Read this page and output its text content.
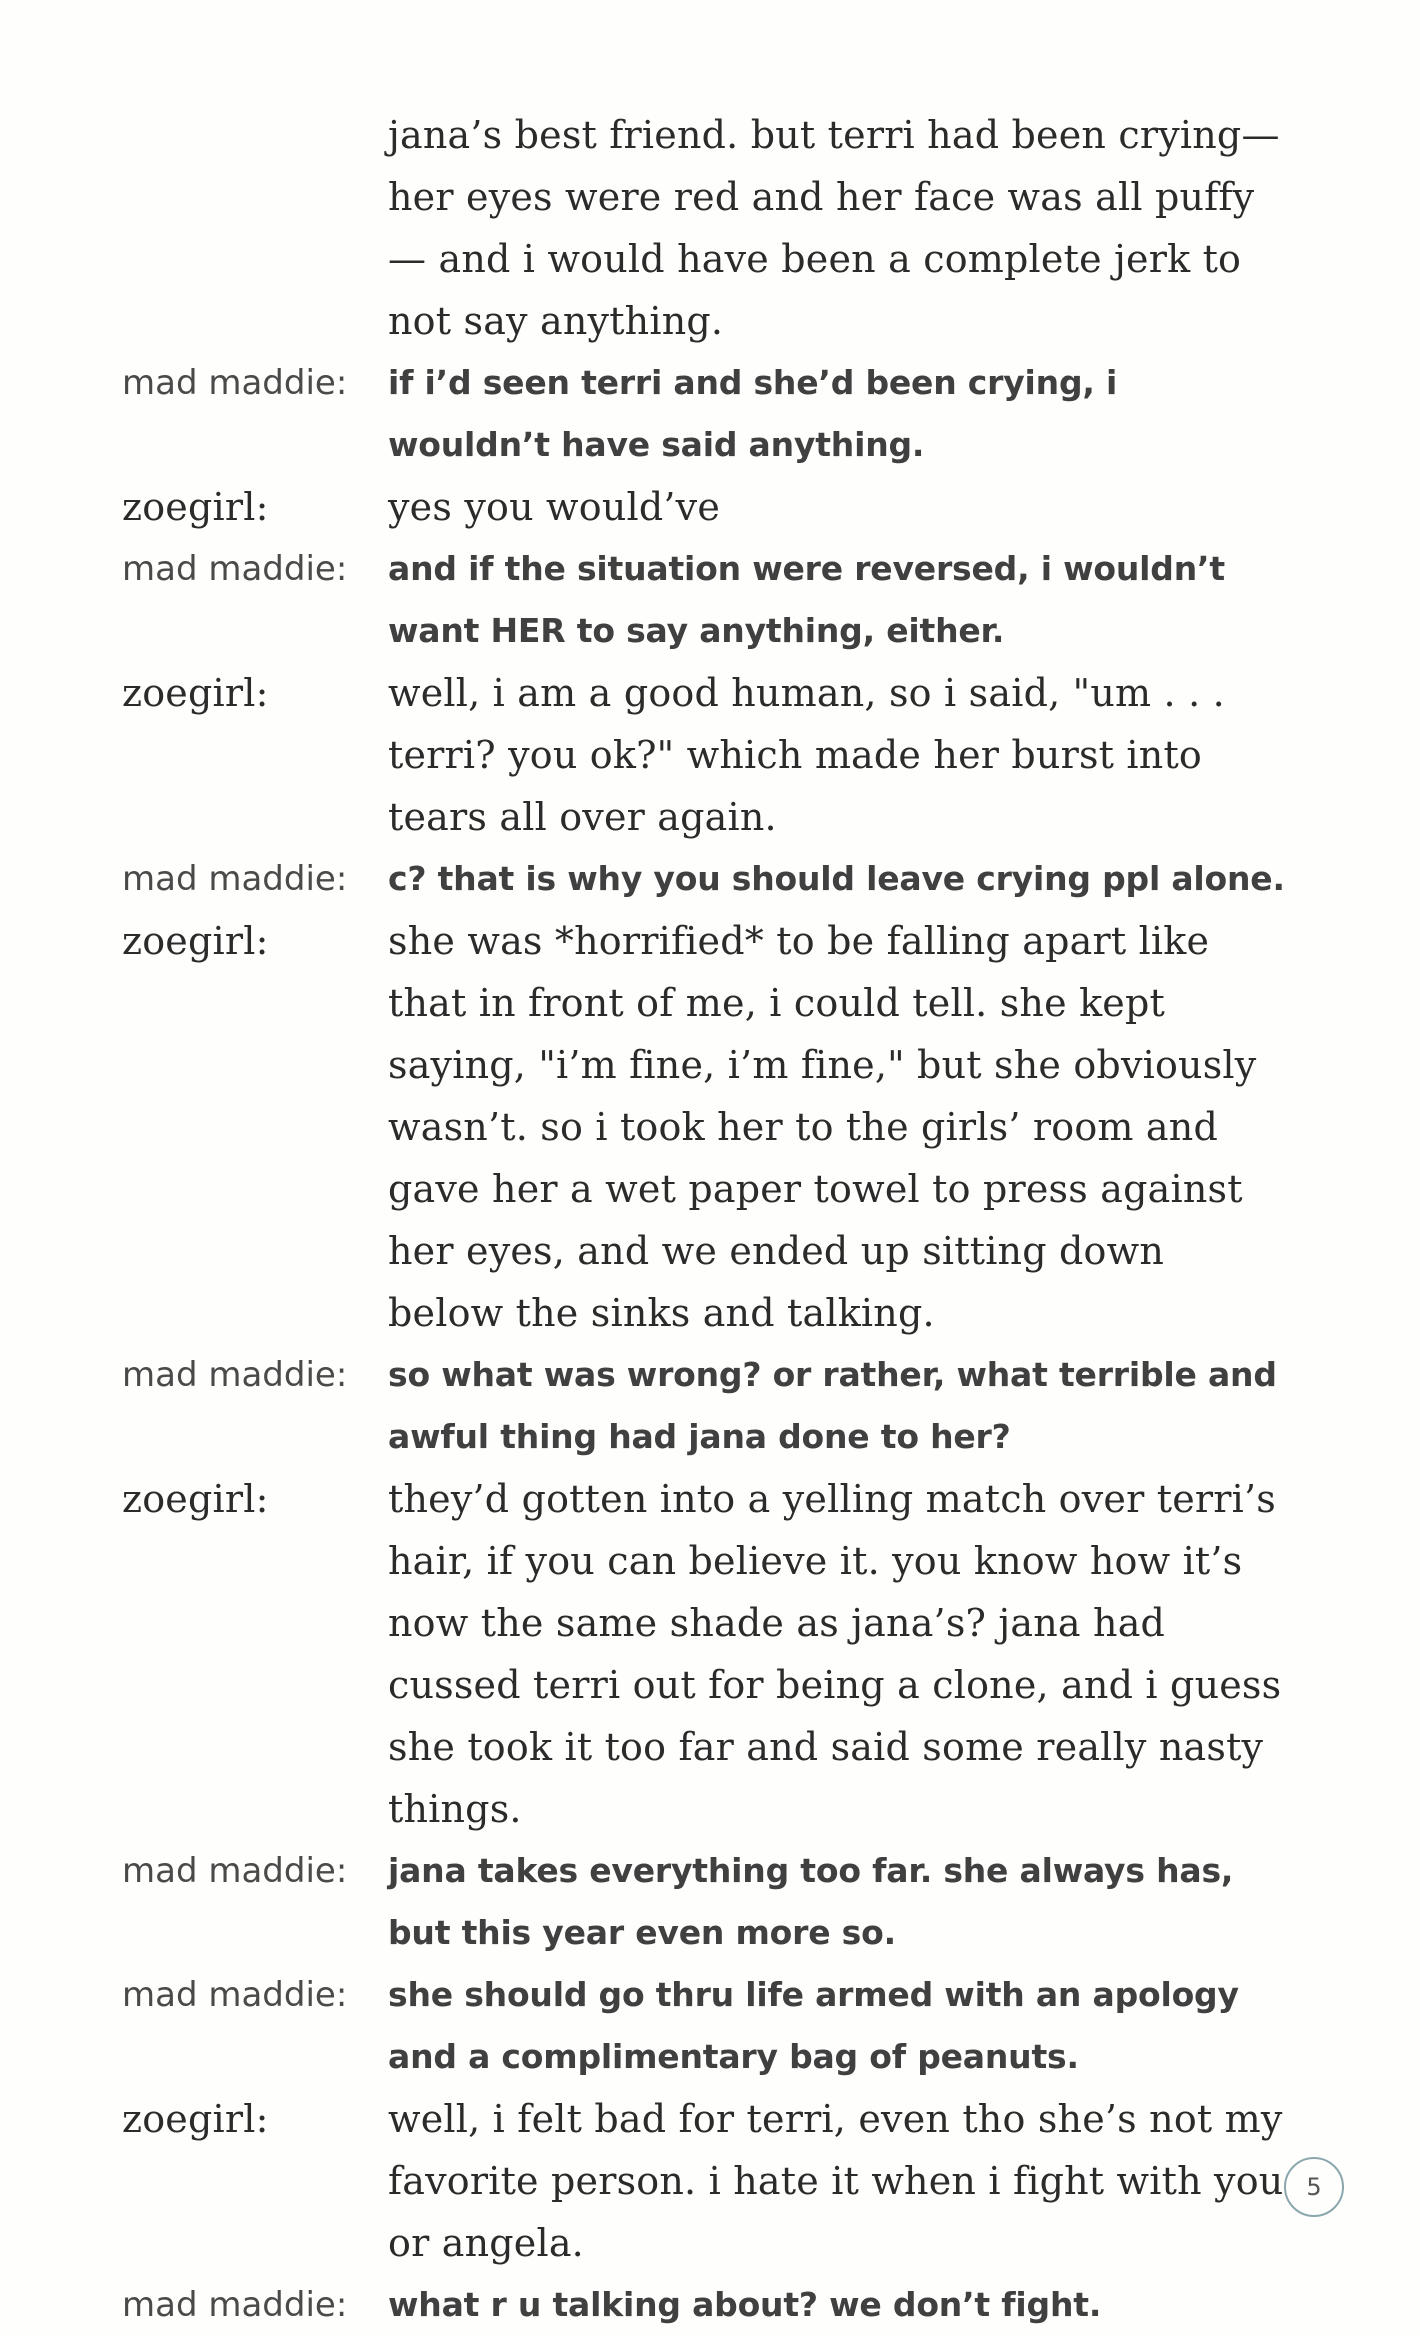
jana’s best friend. but terri had been crying— her eyes were red and her face was all puffy— and i would have been a complete jerk to not say anything.
mad maddie:	if i’d seen terri and she’d been crying, i wouldn’t have said anything.
zoegirl:	yes you would’ve
mad maddie:	and if the situation were reversed, i wouldn’t want HER to say anything, either.
zoegirl:	well, i am a good human, so i said, "um . . . terri? you ok?" which made her burst into tears all over again.
mad maddie:	c? that is why you should leave crying ppl alone.
zoegirl:	she was *horrified* to be falling apart like that in front of me, i could tell. she kept saying, "i’m fine, i’m fine," but she obviously wasn’t. so i took her to the girls’ room and gave her a wet paper towel to press against her eyes, and we ended up sitting down below the sinks and talking.
mad maddie:	so what was wrong? or rather, what terrible and awful thing had jana done to her?
zoegirl:	they’d gotten into a yelling match over terri’s hair, if you can believe it. you know how it’s now the same shade as jana’s? jana had cussed terri out for being a clone, and i guess she took it too far and said some really nasty things.
mad maddie:	jana takes everything too far. she always has, but this year even more so.
mad maddie:	she should go thru life armed with an apology and a complimentary bag of peanuts.
zoegirl:	well, i felt bad for terri, even tho she’s not my favorite person. i hate it when i fight with you or angela.
mad maddie:	what r u talking about? we don’t fight.
5
